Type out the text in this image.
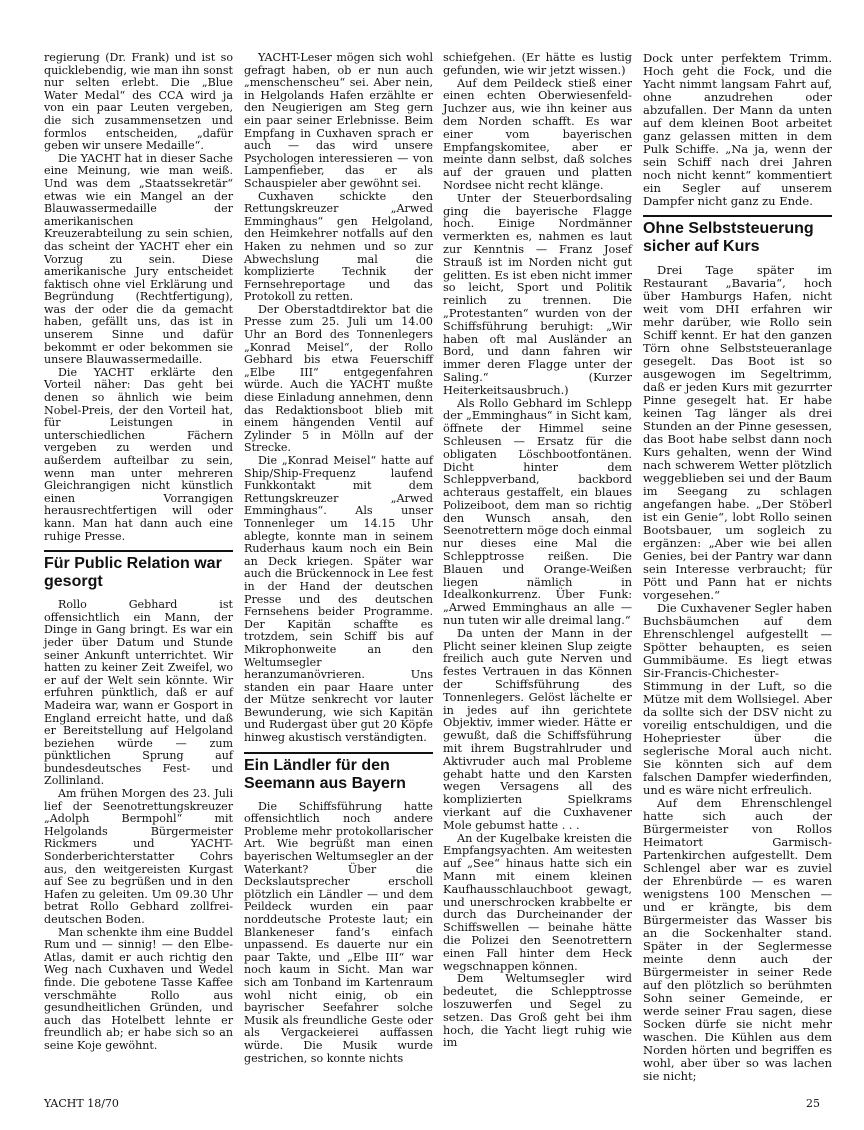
regierung (Dr. Frank) und ist so quicklebendig, wie man ihn sonst nur selten erlebt. Die „Blue Water Medal“ des CCA wird ja von ein paar Leuten vergeben, die sich zusammensetzen und formlos entscheiden, „dafür geben wir unsere Medaille“.

Die YACHT hat in dieser Sache eine Meinung, wie man weiß. Und was dem „Staatssekretär“ etwas wie ein Mangel an der Blauwassermedaille der amerikanischen Kreuzerabteilung zu sein schien, das scheint der YACHT eher ein Vorzug zu sein. Diese amerikanische Jury entscheidet faktisch ohne viel Erklärung und Begründung (Rechtfertigung), was der oder die da gemacht haben, gefällt uns, das ist in unserem Sinne und dafür bekommt er oder bekommen sie unsere Blauwassermedaille.

Die YACHT erklärte den Vorteil näher: Das geht bei denen so ähnlich wie beim Nobel-Preis, der den Vorteil hat, für Leistungen in unterschiedlichen Fächern vergeben zu werden und außerdem aufteilbar zu sein, wenn man unter mehreren Gleichrangigen nicht künstlich einen Vorrangigen herausrechtfertigen will oder kann. Man hat dann auch eine ruhige Presse.

Für Public Relation war gesorgt

Rollo Gebhard ist offensichtlich ein Mann, der Dinge in Gang bringt. Es war ein jeder über Datum und Stunde seiner Ankunft unterrichtet. Wir hatten zu keiner Zeit Zweifel, wo er auf der Welt sein könnte. Wir erfuhren pünktlich, daß er auf Madeira war, wann er Gosport in England erreicht hatte, und daß er Bereitstellung auf Helgoland beziehen würde — zum pünktlichen Sprung auf bundesdeutsches Fest- und Zollinland.

Am frühen Morgen des 23. Juli lief der Seenotrettungskreuzer „Adolph Bermpohl“ mit Helgolands Bürgermeister Rickmers und YACHT-Sonderberichterstatter Cohrs aus, den weitgereisten Kurgast auf See zu begrüßen und in den Hafen zu geleiten. Um 09.30 Uhr betrat Rollo Gebhard zollfrei-deutschen Boden.

Man schenkte ihm eine Buddel Rum und — sinnig! — den Elbe-Atlas, damit er auch richtig den Weg nach Cuxhaven und Wedel finde. Die gebotene Tasse Kaffee verschmähte Rollo aus gesundheitlichen Gründen, und auch das Hotelbett lehnte er freundlich ab; er habe sich so an seine Koje gewöhnt.

YACHT-Leser mögen sich wohl gefragt haben, ob er nun auch „menschenscheu“ sei. Aber nein, in Helgolands Hafen erzählte er den Neugierigen am Steg gern ein paar seiner Erlebnisse. Beim Empfang in Cuxhaven sprach er auch — das wird unsere Psychologen interessieren — von Lampenfieber, das er als Schauspieler aber gewöhnt sei.

Cuxhaven schickte den Rettungskreuzer „Arwed Emminghaus“ gen Helgoland, den Heimkehrer notfalls auf den Haken zu nehmen und so zur Abwechslung mal die komplizierte Technik der Fernsehreportage und das Protokoll zu retten.

Der Oberstadtdirektor bat die Presse zum 25. Juli um 14.00 Uhr an Bord des Tonnenlegers „Konrad Meisel“, der Rollo Gebhard bis etwa Feuerschiff „Elbe III“ entgegenfahren würde. Auch die YACHT mußte diese Einladung annehmen, denn das Redaktionsboot blieb mit einem hängenden Ventil auf Zylinder 5 in Mölln auf der Strecke.

Die „Konrad Meisel“ hatte auf Ship/Ship-Frequenz laufend Funkkontakt mit dem Rettungskreuzer „Arwed Emminghaus“. Als unser Tonnenleger um 14.15 Uhr ablegte, konnte man in seinem Ruderhaus kaum noch ein Bein an Deck kriegen. Später war auch die Brückennock in Lee fest in der Hand der deutschen Presse und des deutschen Fernsehens beider Programme. Der Kapitän schaffte es trotzdem, sein Schiff bis auf Mikrophonweite an den Weltumsegler heranzumanövrieren. Uns standen ein paar Haare unter der Mütze senkrecht vor lauter Bewunderung, wie sich Kapitän und Rudergast über gut 20 Köpfe hinweg akustisch verständigten.

Ein Ländler für den Seemann aus Bayern

Die Schiffsführung hatte offensichtlich noch andere Probleme mehr protokollarischer Art. Wie begrüßt man einen bayerischen Weltumsegler an der Waterkant? Über die Deckslautsprecher erscholl plötzlich ein Ländler — und dem Peildeck wurden ein paar norddeutsche Proteste laut; ein Blankeneser fand’s einfach unpassend. Es dauerte nur ein paar Takte, und „Elbe III“ war noch kaum in Sicht. Man war sich am Tonband im Kartenraum wohl nicht einig, ob ein bayrischer Seefahrer solche Musik als freundliche Geste oder als Vergackeierei auffassen würde. Die Musik wurde gestrichen, so konnte nichts

schiefgehen. (Er hätte es lustig gefunden, wie wir jetzt wissen.)

Auf dem Peildeck stieß einer einen echten Oberwiesenfeld-Juchzer aus, wie ihn keiner aus dem Norden schafft. Es war einer vom bayerischen Empfangskomitee, aber er meinte dann selbst, daß solches auf der grauen und platten Nordsee nicht recht klänge.

Unter der Steuerbordsaling ging die bayerische Flagge hoch. Einige Nordmänner vermerkten es, nahmen es laut zur Kenntnis — Franz Josef Strauß ist im Norden nicht gut gelitten. Es ist eben nicht immer so leicht, Sport und Politik reinlich zu trennen. Die „Protestanten“ wurden von der Schiffsführung beruhigt: „Wir haben oft mal Ausländer an Bord, und dann fahren wir immer deren Flagge unter der Saling.“ (Kurzer Heiterkeitsausbruch.)

Als Rollo Gebhard im Schlepp der „Emminghaus“ in Sicht kam, öffnete der Himmel seine Schleusen — Ersatz für die obligaten Löschbootfontänen. Dicht hinter dem Schleppverband, backbord achteraus gestaffelt, ein blaues Polizeiboot, dem man so richtig den Wunsch ansah, den Seenotrettern möge doch einmal nur dieses eine Mal die Schlepptrosse reißen. Die Blauen und Orange-Weißen liegen nämlich in Idealkonkurrenz. Über Funk: „Arwed Emminghaus an alle — nun tuten wir alle dreimal lang.“

Da unten der Mann in der Plicht seiner kleinen Slup zeigte freilich auch gute Nerven und festes Vertrauen in das Können der Schiffsführung des Tonnenlegers. Gelöst lächelte er in jedes auf ihn gerichtete Objektiv, immer wieder. Hätte er gewußt, daß die Schiffsführung mit ihrem Bugstrahlruder und Aktivruder auch mal Probleme gehabt hatte und den Karsten wegen Versagens all des komplizierten Spielkrams vierkant auf die Cuxhavener Mole gebumst hatte . . .

An der Kugelbake kreisten die Empfangsyachten. Am weitesten auf „See“ hinaus hatte sich ein Mann mit einem kleinen Kaufhausschlauchboot gewagt, und unerschrocken krabbelte er durch das Durcheinander der Schiffswellen — beinahe hätte die Polizei den Seenotrettern einen Fall hinter dem Heck wegschnappen können.

Dem Weltumsegler wird bedeutet, die Schlepptrosse loszuwerfen und Segel zu setzen. Das Groß geht bei ihm hoch, die Yacht liegt ruhig wie im

Dock unter perfektem Trimm. Hoch geht die Fock, und die Yacht nimmt langsam Fahrt auf, ohne anzudrehen oder abzufallen. Der Mann da unten auf dem kleinen Boot arbeitet ganz gelassen mitten in dem Pulk Schiffe. „Na ja, wenn der sein Schiff nach drei Jahren noch nicht kennt“ kommentiert ein Segler auf unserem Dampfer nicht ganz zu Ende.

Ohne Selbststeuerung sicher auf Kurs

Drei Tage später im Restaurant „Bavaria“, hoch über Hamburgs Hafen, nicht weit vom DHI erfahren wir mehr darüber, wie Rollo sein Schiff kennt. Er hat den ganzen Törn ohne Selbststeueranlage gesegelt. Das Boot ist so ausgewogen im Segeltrimm, daß er jeden Kurs mit gezurrter Pinne gesegelt hat. Er habe keinen Tag länger als drei Stunden an der Pinne gesessen, das Boot habe selbst dann noch Kurs gehalten, wenn der Wind nach schwerem Wetter plötzlich weggeblieben sei und der Baum im Seegang zu schlagen angefangen habe. „Der Stöberl ist ein Genie“, lobt Rollo seinen Bootsbauer, um sogleich zu ergänzen: „Aber wie bei allen Genies, bei der Pantry war dann sein Interesse verbraucht; für Pött und Pann hat er nichts vorgesehen.“

Die Cuxhavener Segler haben Buchsbäumchen auf dem Ehrenschlengel aufgestellt — Spötter behaupten, es seien Gummibäume. Es liegt etwas Sir-Francis-Chichester-Stimmung in der Luft, so die Mütze mit dem Wollsiegel. Aber da sollte sich der DSV nicht zu voreilig entschuldigen, und die Hohepriester über die seglerische Moral auch nicht. Sie könnten sich auf dem falschen Dampfer wiederfinden, und es wäre nicht erfreulich.

Auf dem Ehrenschlengel hatte sich auch der Bürgermeister von Rollos Heimatort Garmisch-Partenkirchen aufgestellt. Dem Schlengel aber war es zuviel der Ehrenbürde — es waren wenigstens 100 Menschen — und er krängte, bis dem Bürgermeister das Wasser bis an die Sockenhalter stand. Später in der Seglermesse meinte denn auch der Bürgermeister in seiner Rede auf den plötzlich so berühmten Sohn seiner Gemeinde, er werde seiner Frau sagen, diese Socken dürfe sie nicht mehr waschen. Die Kühlen aus dem Norden hörten und begriffen es wohl, aber über so was lachen sie nicht;

YACHT 18/70	25
